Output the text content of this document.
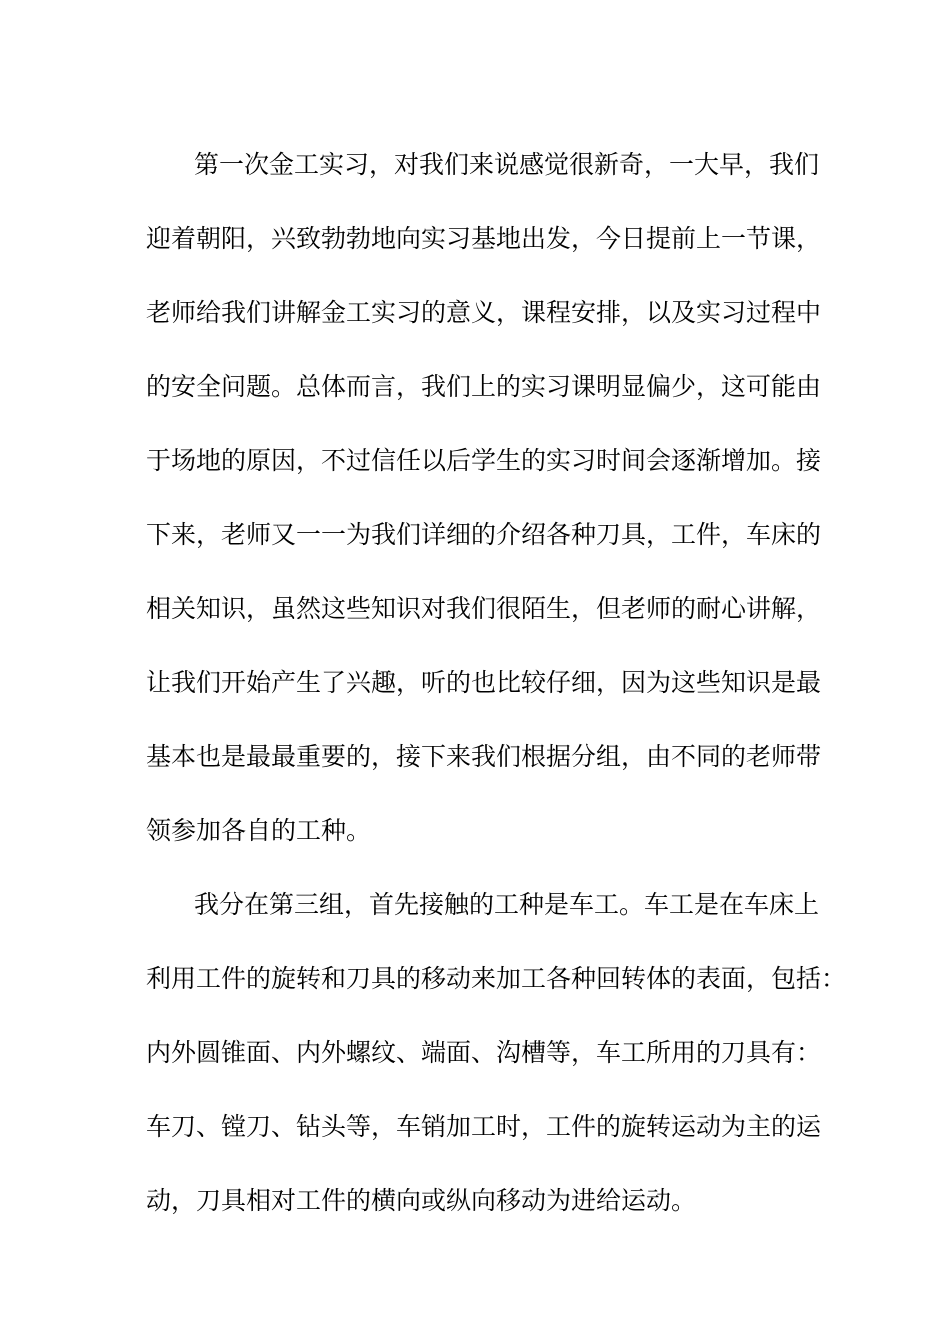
第一次金工实习，对我们来说感觉很新奇，一大早，我们
迎着朝阳，兴致勃勃地向实习基地出发，今日提前上一节课，
老师给我们讲解金工实习的意义，课程安排，以及实习过程中
的安全问题。总体而言，我们上的实习课明显偏少，这可能由
于场地的原因，不过信任以后学生的实习时间会逐渐增加。接
下来，老师又一一为我们详细的介绍各种刀具，工件，车床的
相关知识，虽然这些知识对我们很陌生，但老师的耐心讲解，
让我们开始产生了兴趣，听的也比较仔细，因为这些知识是最
基本也是最最重要的，接下来我们根据分组，由不同的老师带
领参加各自的工种。
我分在第三组，首先接触的工种是车工。车工是在车床上
利用工件的旋转和刀具的移动来加工各种回转体的表面，包括：
内外圆锥面、内外螺纹、端面、沟槽等，车工所用的刀具有：
车刀、镗刀、钻头等，车销加工时，工件的旋转运动为主的运
动，刀具相对工件的横向或纵向移动为进给运动。
